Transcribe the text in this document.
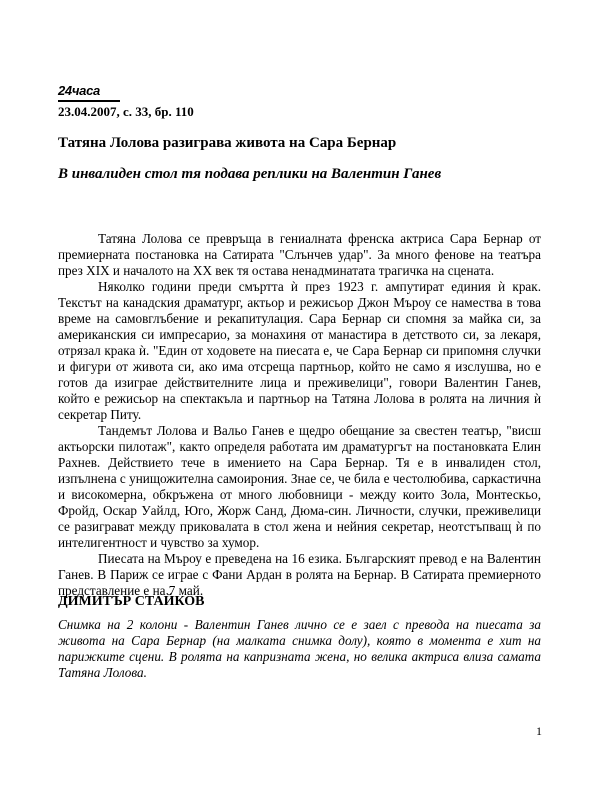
24часа
23.04.2007, с. 33, бр. 110
Татяна Лолова разиграва живота на Сара Бернар
В инвалиден стол тя подава реплики на Валентин Ганев

Татяна Лолова се превръща в гениалната френска актриса Сара Бернар от премиерната постановка на Сатирата "Слънчев удар". За много фенове на театъра през XIX и началото на XX век тя остава ненадминатата трагичка на сцената.

Няколко години преди смъртта ѝ през 1923 г. ампутират единия ѝ крак. Текстът на канадския драматург, актьор и режисьор Джон Мъроу се намества в това време на самовглъбение и рекапитулация. Сара Бернар си спомня за майка си, за американския си импресарио, за монахиня от манастира в детството си, за лекаря, отрязал крака ѝ. "Един от ходовете на пиесата е, че Сара Бернар си припомня случки и фигури от живота си, ако има отсреща партньор, който не само я изслушва, но е готов да изиграе действителните лица и преживелици", говори Валентин Ганев, който е режисьор на спектакъла и партньор на Татяна Лолова в ролята на личния ѝ секретар Питу.

Тандемът Лолова и Вальо Ганев е щедро обещание за свестен театър, "висш актьорски пилотаж", както определя работата им драматургът на постановката Елин Рахнев. Действието тече в имението на Сара Бернар. Тя е в инвалиден стол, изпълнена с унищожителна самоирония. Знае се, че била е честолюбива, саркастична и високомерна, обкръжена от много любовници - между които Зола, Монтескьо, Фройд, Оскар Уайлд, Юго, Жорж Санд, Дюма-син. Личности, случки, преживелици се разиграват между приковалата в стол жена и нейния секретар, неотстъпващ ѝ по интелигентност и чувство за хумор.

Пиесата на Мъроу е преведена на 16 езика. Българският превод е на Валентин Ганев. В Париж се играе с Фани Ардан в ролята на Бернар. В Сатирата премиерното представление е на 7 май.

ДИМИТЪР СТАЙКОВ
Снимка на 2 колони - Валентин Ганев лично се е заел с превода на пиесата за живота на Сара Бернар (на малката снимка долу), която в момента е хит на парижките сцени. В ролята на капризната жена, но велика актриса влиза самата Татяна Лолова.
1
